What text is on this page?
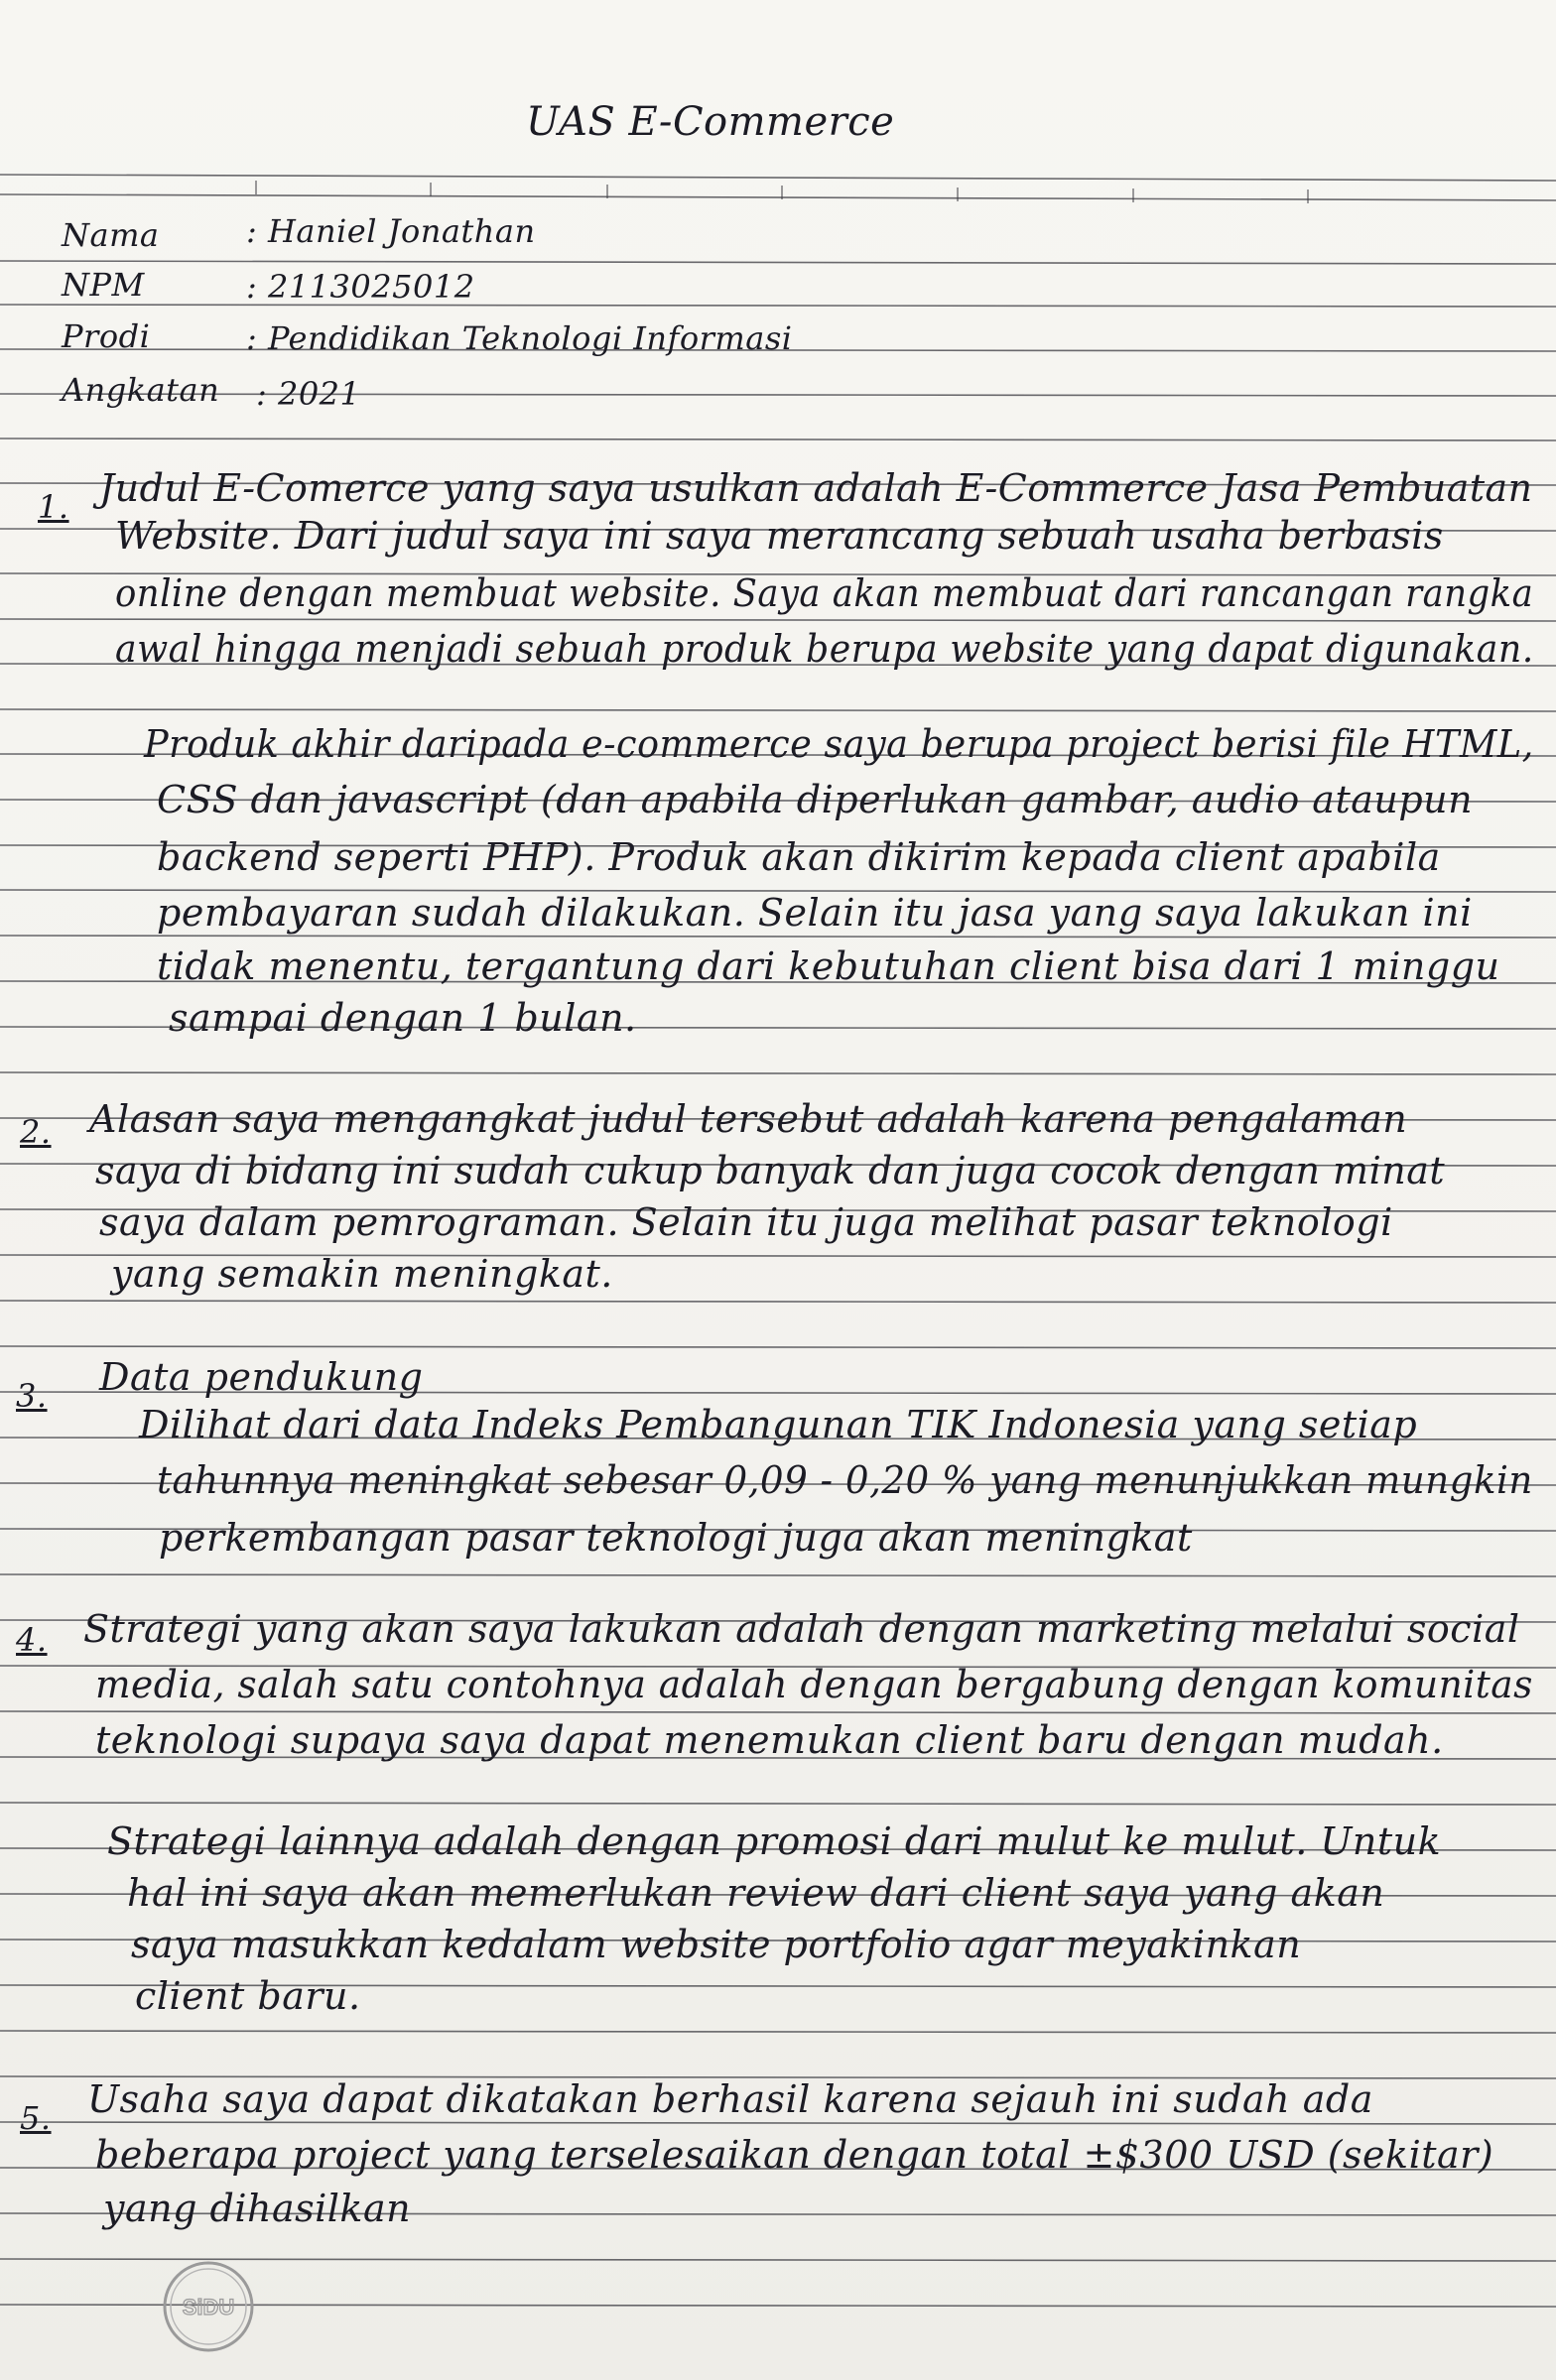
UAS E-Commerce
Nama	: Haniel Jonathan
NPM	: 2113025012
Prodi	: Pendidikan Teknologi Informasi
Angkatan : 2021
1. Judul E-Comerce yang saya usulkan adalah E-Commerce Jasa Pembuatan
Website. Dari judul saya ini saya merancang sebuah usaha berbasis
online dengan membuat website. Saya akan membuat dari rancangan rangka
awal hingga menjadi sebuah produk berupa website yang dapat digunakan.
Produk akhir daripada e-commerce saya berupa project berisi file HTML,
CSS dan javascript (dan apabila diperlukan gambar, audio ataupun
backend seperti PHP). Produk akan dikirim kepada client apabila
pembayaran sudah dilakukan. Selain itu jasa yang saya lakukan ini
tidak menentu, tergantung dari kebutuhan client bisa dari 1 minggu
sampai dengan 1 bulan.
2. Alasan saya mengangkat judul tersebut adalah karena pengalaman
saya di bidang ini sudah cukup banyak dan juga cocok dengan minat
saya dalam pemrograman. Selain itu juga melihat pasar teknologi
yang semakin meningkat.
3. Data pendukung
Dilihat dari data Indeks Pembangunan TIK Indonesia yang setiap
tahunnya meningkat sebesar 0,09 - 0,20 % yang menunjukkan mungkin
perkembangan pasar teknologi juga akan meningkat
4. Strategi yang akan saya lakukan adalah dengan marketing melalui social
media, salah satu contohnya adalah dengan bergabung dengan komunitas
teknologi supaya saya dapat menemukan client baru dengan mudah.
Strategi lainnya adalah dengan promosi dari mulut ke mulut. Untuk
hal ini saya akan memerlukan review dari client saya yang akan
saya masukkan kedalam website portfolio agar meyakinkan
client baru.
5. Usaha saya dapat dikatakan berhasil karena sejauh ini sudah ada
beberapa project yang terselesaikan dengan total ±$300 USD (sekitar)
yang dihasilkan
SiDU
